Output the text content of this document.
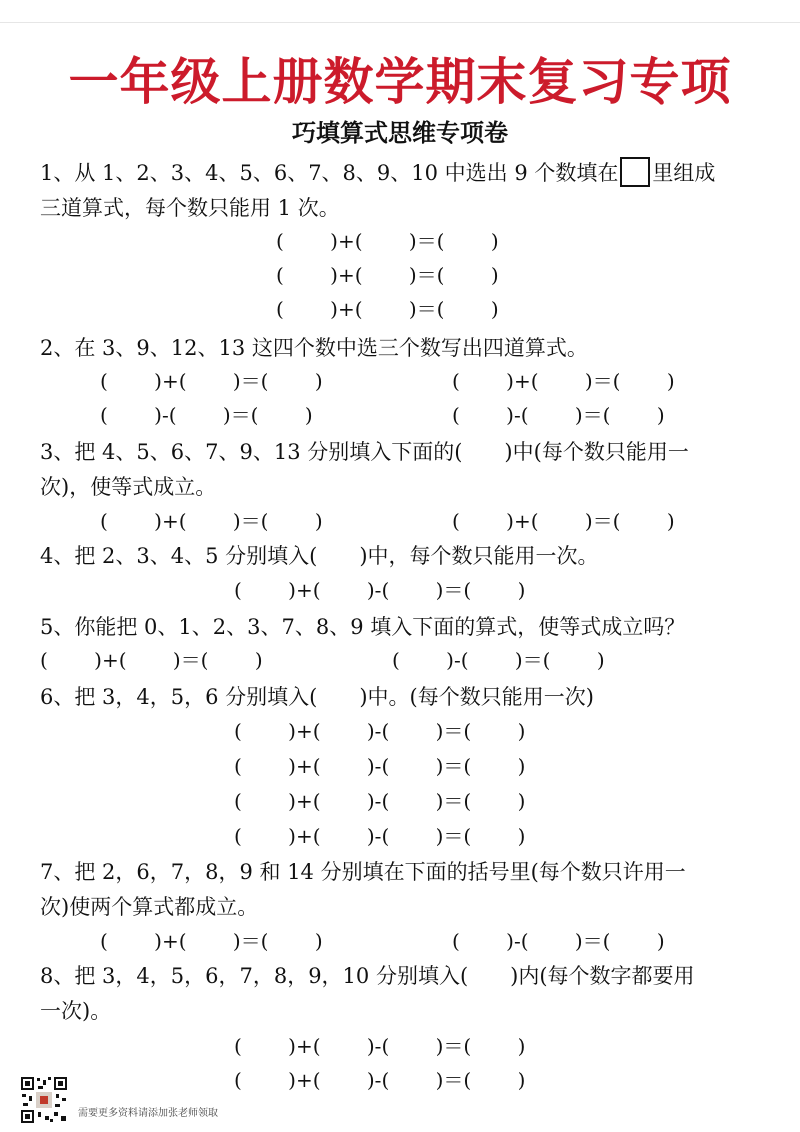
一年级上册数学期末复习专项
巧填算式思维专项卷
1、从 1、2、3、4、5、6、7、8、9、10 中选出 9 个数填在 里组成
三道算式，每个数只能用 1 次。
(　 　)+(　 　)＝(　 　)
(　 　)+(　 　)＝(　 　)
(　 　)+(　 　)＝(　 　)
2、在 3、9、12、13 这四个数中选三个数写出四道算式。
(　 　)+(　 　)＝(　 　)	(　 　)+(　 　)＝(　 　)
(　 　)-(　 　)＝(　 　)	(　 　)-(　 　)＝(　 　)
3、把 4、5、6、7、9、13 分别填入下面的(　　)中(每个数只能用一
次)，使等式成立。
(　 　)+(　 　)＝(　 　)	(　 　)+(　 　)＝(　 　)
4、把 2、3、4、5 分别填入(　　)中，每个数只能用一次。
(　 　)+(　 　)-(　 　)＝(　 　)
5、你能把 0、1、2、3、7、8、9 填入下面的算式，使等式成立吗？
(　 　)+(　 　)＝(　 　)	(　 　)-(　 　)＝(　 　)
6、把 3，4，5，6 分别填入(　　)中。(每个数只能用一次)
(　 　)+(　 　)-(　 　)＝(　 　)
(　 　)+(　 　)-(　 　)＝(　 　)
(　 　)+(　 　)-(　 　)＝(　 　)
(　 　)+(　 　)-(　 　)＝(　 　)
7、把 2，6，7，8，9 和 14 分别填在下面的括号里(每个数只许用一
次)使两个算式都成立。
(　 　)+(　 　)＝(　 　)	(　 　)-(　 　)＝(　 　)
8、把 3，4，5，6，7，8，9，10 分别填入(　　)内(每个数字都要用
一次)。
(　 　)+(　 　)-(　 　)＝(　 　)
(　 　)+(　 　)-(　 　)＝(　 　)
需要更多资料请添加张老师领取
